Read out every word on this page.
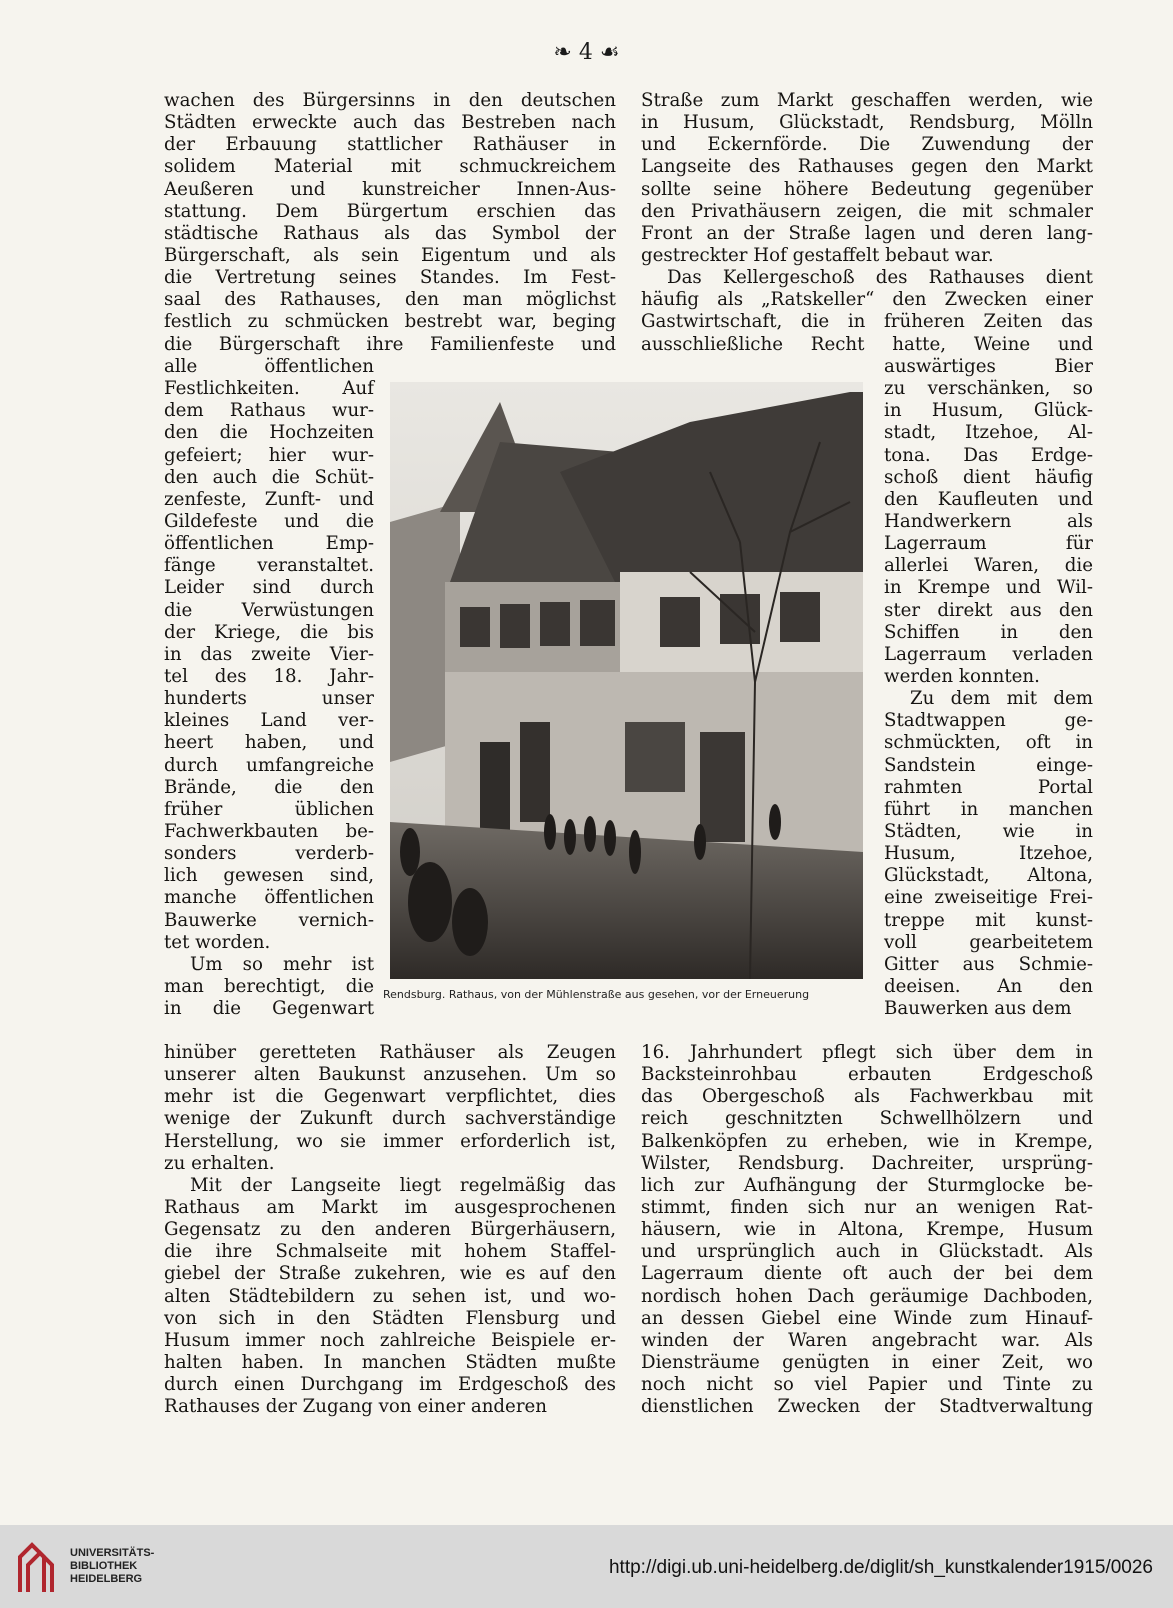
❧︎ 4 ☙
wachen des Bürgersinns in den deutschen
Städten erweckte auch das Bestreben nach
der Erbauung stattlicher Rathäuser in
solidem Material mit schmuckreichem
Aeußeren und kunstreicher Innen-Aus-
stattung. Dem Bürgertum erschien das
städtische Rathaus als das Symbol der
Bürgerschaft, als sein Eigentum und als
die Vertretung seines Standes. Im Fest-
saal des Rathauses, den man möglichst
festlich zu schmücken bestrebt war, beging
die Bürgerschaft ihre Familienfeste und
alle öffentlichen
Festlichkeiten. Auf
dem Rathaus wur-
den die Hochzeiten
gefeiert; hier wur-
den auch die Schüt-
zenfeste, Zunft- und
Gildefeste und die
öffentlichen Emp-
fänge veranstaltet.
Leider sind durch
die Verwüstungen
der Kriege, die bis
in das zweite Vier-
tel des 18. Jahr-
hunderts unser
kleines Land ver-
heert haben, und
durch umfangreiche
Brände, die den
früher üblichen
Fachwerkbauten be-
sonders verderb-
lich gewesen sind,
manche öffentlichen
Bauwerke vernich-
tet worden.
Um so mehr ist
man berechtigt, die
in die Gegenwart
hinüber geretteten Rathäuser als Zeugen
unserer alten Baukunst anzusehen. Um so
mehr ist die Gegenwart verpflichtet, dies
wenige der Zukunft durch sachverständige
Herstellung, wo sie immer erforderlich ist,
zu erhalten.
Mit der Langseite liegt regelmäßig das
Rathaus am Markt im ausgesprochenen
Gegensatz zu den anderen Bürgerhäusern,
die ihre Schmalseite mit hohem Staffel-
giebel der Straße zukehren, wie es auf den
alten Städtebildern zu sehen ist, und wo-
von sich in den Städten Flensburg und
Husum immer noch zahlreiche Beispiele er-
halten haben. In manchen Städten mußte
durch einen Durchgang im Erdgeschoß des
Rathauses der Zugang von einer anderen
Straße zum Markt geschaffen werden, wie
in Husum, Glückstadt, Rendsburg, Mölln
und Eckernförde. Die Zuwendung der
Langseite des Rathauses gegen den Markt
sollte seine höhere Bedeutung gegenüber
den Privathäusern zeigen, die mit schmaler
Front an der Straße lagen und deren lang-
gestreckter Hof gestaffelt bebaut war.
Das Kellergeschoß des Rathauses dient
häufig als „Ratskeller“ den Zwecken einer
Gastwirtschaft, die in früheren Zeiten das
ausschließliche Recht hatte, Weine und
auswärtiges Bier
zu verschänken, so
in Husum, Glück-
stadt, Itzehoe, Al-
tona. Das Erdge-
schoß dient häufig
den Kaufleuten und
Handwerkern als
Lagerraum für
allerlei Waren, die
in Krempe und Wil-
ster direkt aus den
Schiffen in den
Lagerraum verladen
werden konnten.
Zu dem mit dem
Stadtwappen ge-
schmückten, oft in
Sandstein einge-
rahmten Portal
führt in manchen
Städten, wie in
Husum, Itzehoe,
Glückstadt, Altona,
eine zweiseitige Frei-
treppe mit kunst-
voll gearbeitetem
Gitter aus Schmie-
deeisen. An den
Bauwerken aus dem
16. Jahrhundert pflegt sich über dem in
Backsteinrohbau erbauten Erdgeschoß
das Obergeschoß als Fachwerkbau mit
reich geschnitzten Schwellhölzern und
Balkenköpfen zu erheben, wie in Krempe,
Wilster, Rendsburg. Dachreiter, ursprüng-
lich zur Aufhängung der Sturmglocke be-
stimmt, finden sich nur an wenigen Rat-
häusern, wie in Altona, Krempe, Husum
und ursprünglich auch in Glückstadt. Als
Lagerraum diente oft auch der bei dem
nordisch hohen Dach geräumige Dachboden,
an dessen Giebel eine Winde zum Hinauf-
winden der Waren angebracht war. Als
Diensträume genügten in einer Zeit, wo
noch nicht so viel Papier und Tinte zu
dienstlichen Zwecken der Stadtverwaltung
Rendsburg. Rathaus, von der Mühlenstraße aus gesehen, vor der Erneuerung
UNIVERSITÄTS-
BIBLIOTHEK
HEIDELBERG
http://digi.ub.uni-heidelberg.de/diglit/sh_kunstkalender1915/0026
